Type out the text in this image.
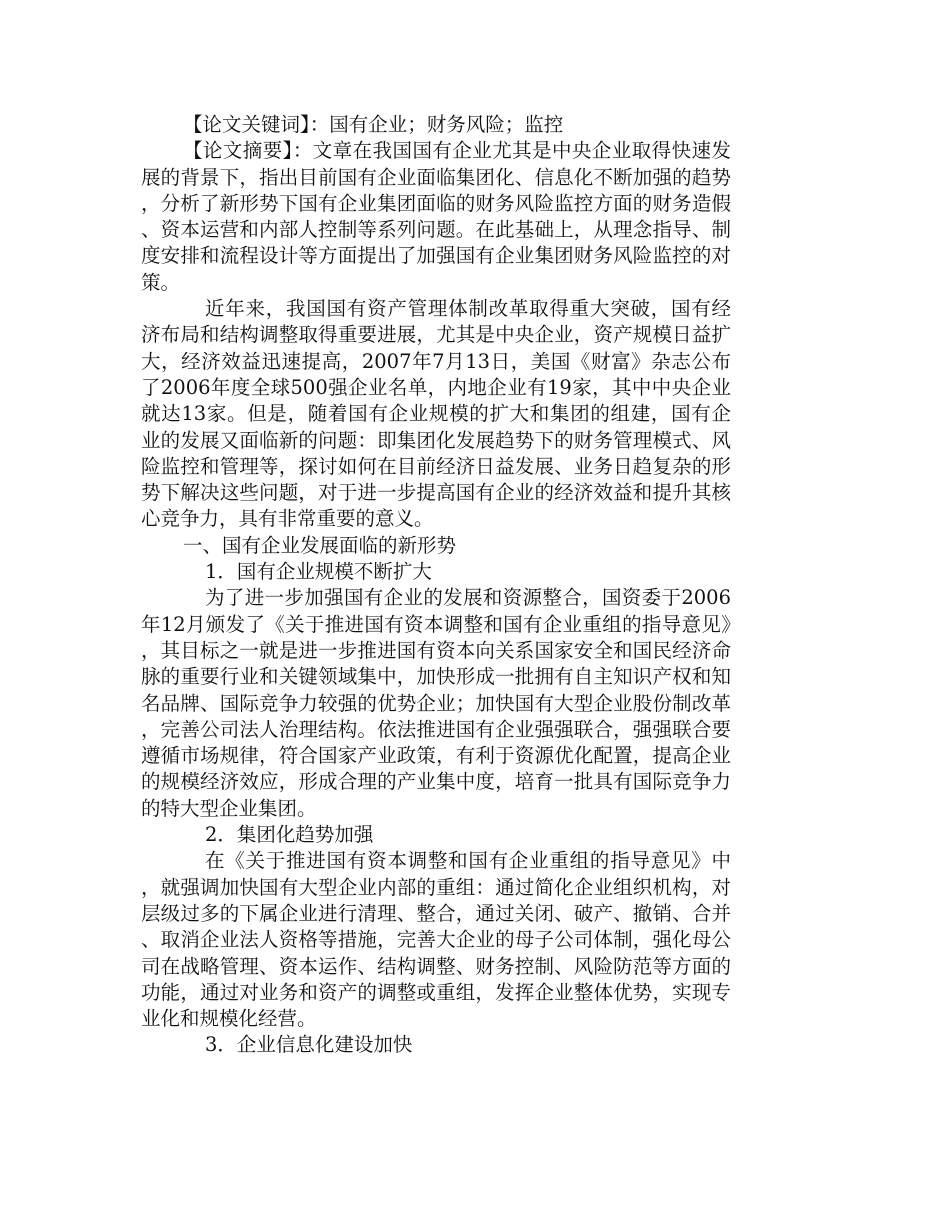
【论文关键词】：国有企业；财务风险；监控

【论文摘要】：文章在我国国有企业尤其是中央企业取得快速发展的背景下，指出目前国有企业面临集团化、信息化不断加强的趋势，分析了新形势下国有企业集团面临的财务风险监控方面的财务造假、资本运营和内部人控制等系列问题。在此基础上，从理念指导、制度安排和流程设计等方面提出了加强国有企业集团财务风险监控的对策。

近年来，我国国有资产管理体制改革取得重大突破，国有经济布局和结构调整取得重要进展，尤其是中央企业，资产规模日益扩大，经济效益迅速提高，2007年7月13日，美国《财富》杂志公布了2006年度全球500强企业名单，内地企业有19家，其中中央企业就达13家。但是，随着国有企业规模的扩大和集团的组建，国有企业的发展又面临新的问题：即集团化发展趋势下的财务管理模式、风险监控和管理等，探讨如何在目前经济日益发展、业务日趋复杂的形势下解决这些问题，对于进一步提高国有企业的经济效益和提升其核心竞争力，具有非常重要的意义。

一、国有企业发展面临的新形势

1．国有企业规模不断扩大

为了进一步加强国有企业的发展和资源整合，国资委于2006年12月颁发了《关于推进国有资本调整和国有企业重组的指导意见》，其目标之一就是进一步推进国有资本向关系国家安全和国民经济命脉的重要行业和关键领域集中，加快形成一批拥有自主知识产权和知名品牌、国际竞争力较强的优势企业；加快国有大型企业股份制改革，完善公司法人治理结构。依法推进国有企业强强联合，强强联合要遵循市场规律，符合国家产业政策，有利于资源优化配置，提高企业的规模经济效应，形成合理的产业集中度，培育一批具有国际竞争力的特大型企业集团。

2．集团化趋势加强

在《关于推进国有资本调整和国有企业重组的指导意见》中，就强调加快国有大型企业内部的重组：通过简化企业组织机构，对层级过多的下属企业进行清理、整合，通过关闭、破产、撤销、合并、取消企业法人资格等措施，完善大企业的母子公司体制，强化母公司在战略管理、资本运作、结构调整、财务控制、风险防范等方面的功能，通过对业务和资产的调整或重组，发挥企业整体优势，实现专业化和规模化经营。

3．企业信息化建设加快
